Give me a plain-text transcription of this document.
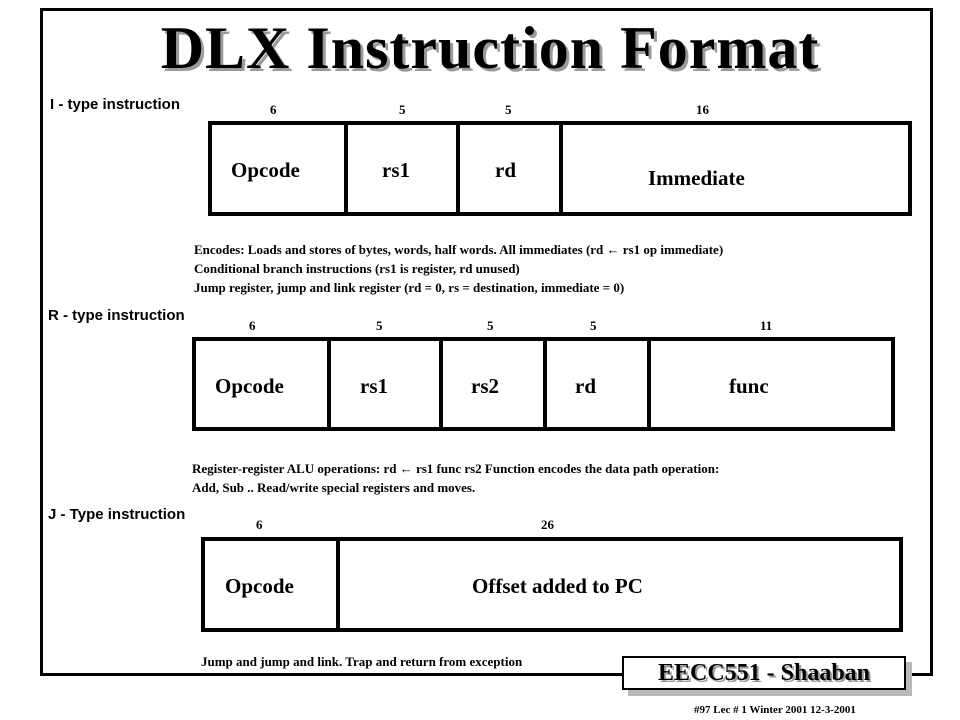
DLX Instruction Format
I - type instruction	6	5	5	16
Opcode	rs1	rd	Immediate
Encodes: Loads and stores of bytes, words, half words. All immediates (rd ← rs1 op immediate)
Conditional branch instructions (rs1 is register, rd unused)
Jump register, jump and link register (rd = 0, rs = destination, immediate = 0)
R - type instruction
6	5	5	5	11
Opcode	rs1	rs2	rd	func
Register-register ALU operations: rd ← rs1 func rs2 Function encodes the data path operation:
Add, Sub .. Read/write special registers and moves.
J - Type instruction
6	26
Opcode	Offset added to PC
Jump and jump and link. Trap and return from exception	EECC551 - Shaaban
#97 Lec # 1 Winter 2001 12-3-2001
